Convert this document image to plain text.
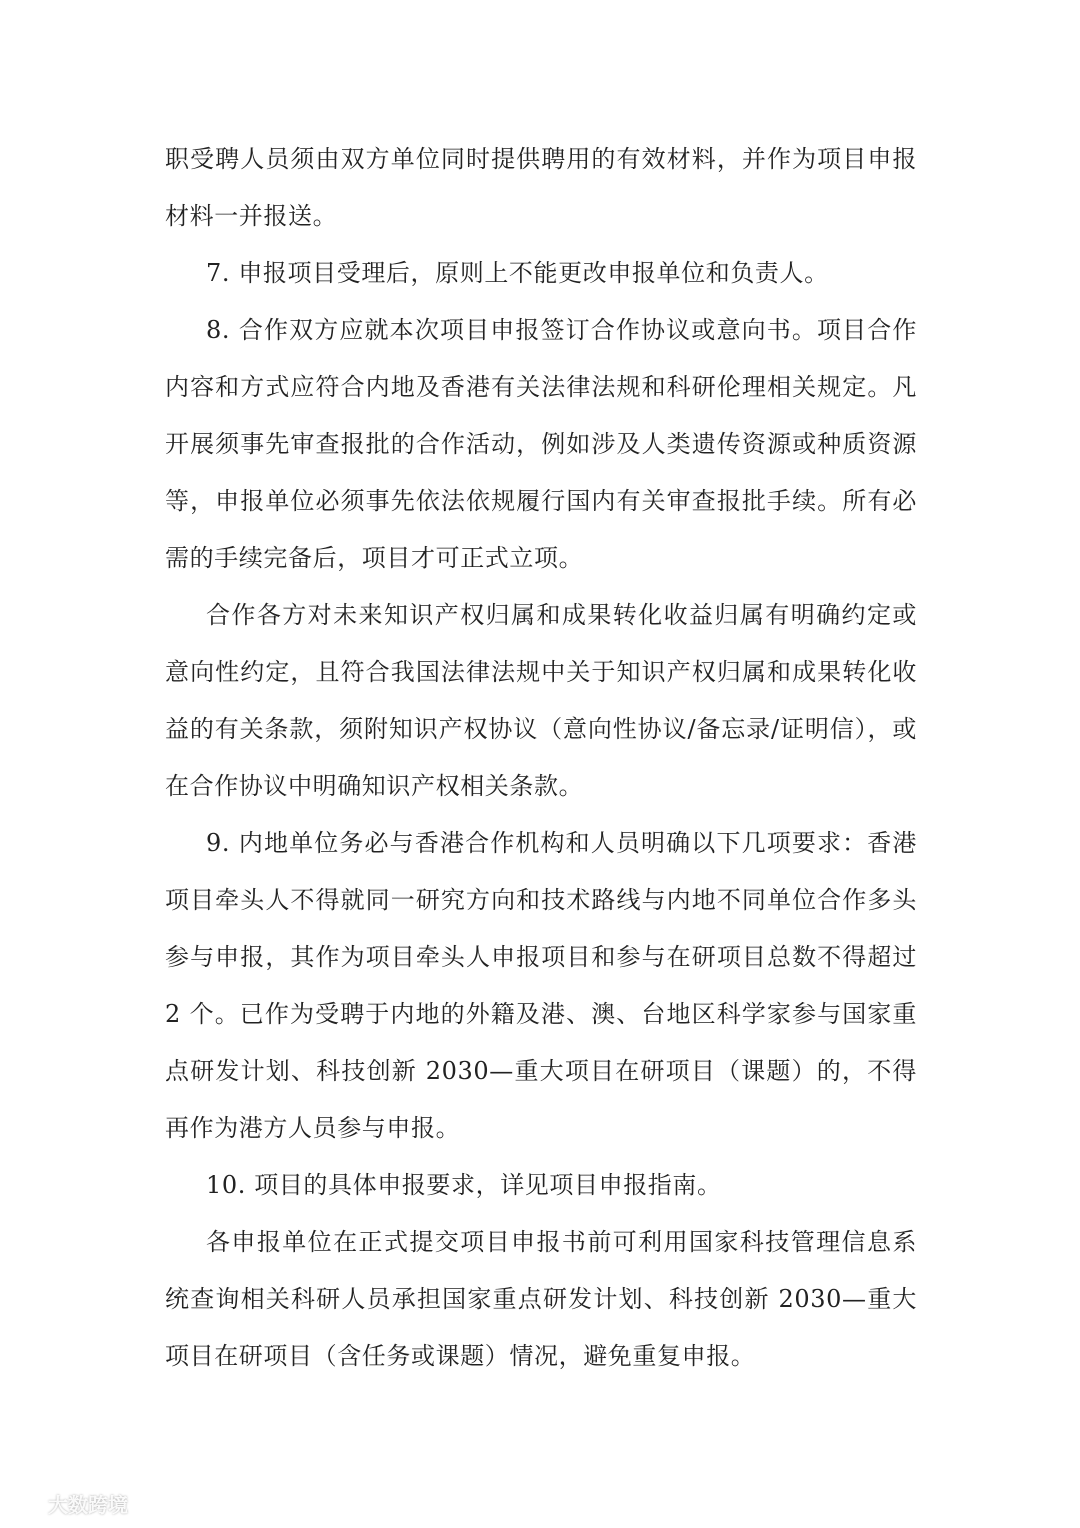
职受聘人员须由双方单位同时提供聘用的有效材料，并作为项目申报材料一并报送。

7. 申报项目受理后，原则上不能更改申报单位和负责人。

8. 合作双方应就本次项目申报签订合作协议或意向书。项目合作内容和方式应符合内地及香港有关法律法规和科研伦理相关规定。凡开展须事先审查报批的合作活动，例如涉及人类遗传资源或种质资源等，申报单位必须事先依法依规履行国内有关审查报批手续。所有必需的手续完备后，项目才可正式立项。

合作各方对未来知识产权归属和成果转化收益归属有明确约定或意向性约定，且符合我国法律法规中关于知识产权归属和成果转化收益的有关条款，须附知识产权协议（意向性协议/备忘录/证明信），或在合作协议中明确知识产权相关条款。

9. 内地单位务必与香港合作机构和人员明确以下几项要求：香港项目牵头人不得就同一研究方向和技术路线与内地不同单位合作多头参与申报，其作为项目牵头人申报项目和参与在研项目总数不得超过 2 个。已作为受聘于内地的外籍及港、澳、台地区科学家参与国家重点研发计划、科技创新 2030—重大项目在研项目（课题）的，不得再作为港方人员参与申报。

10. 项目的具体申报要求，详见项目申报指南。

各申报单位在正式提交项目申报书前可利用国家科技管理信息系统查询相关科研人员承担国家重点研发计划、科技创新 2030—重大项目在研项目（含任务或课题）情况，避免重复申报。

大数跨境
